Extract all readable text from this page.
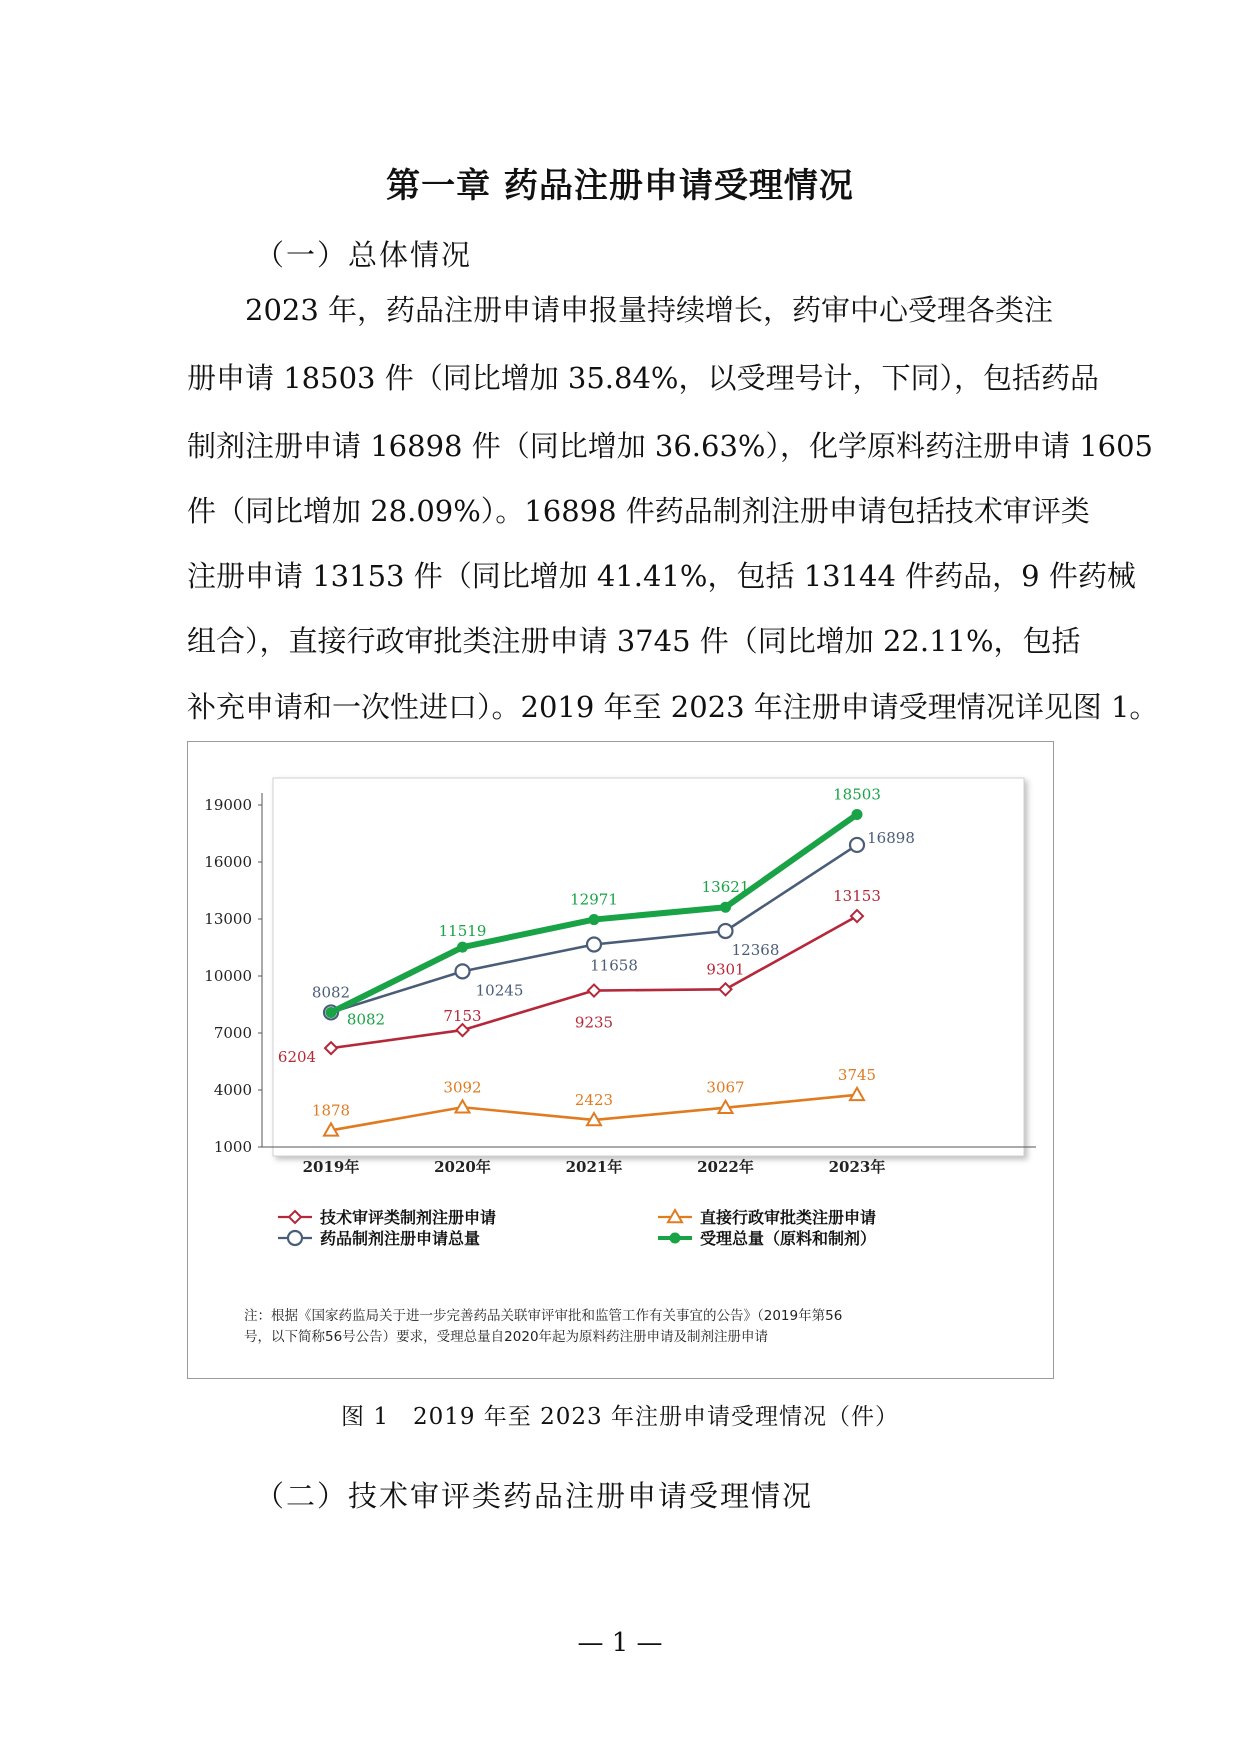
第一章 药品注册申请受理情况
（一）总体情况
2023 年，药品注册申请申报量持续增长，药审中心受理各类注
册申请 18503 件（同比增加 35.84%，以受理号计，下同），包括药品
制剂注册申请 16898 件（同比增加 36.63%），化学原料药注册申请 1605
件（同比增加 28.09%）。16898 件药品制剂注册申请包括技术审评类
注册申请 13153 件（同比增加 41.41%，包括 13144 件药品，9 件药械
组合），直接行政审批类注册申请 3745 件（同比增加 22.11%，包括
补充申请和一次性进口）。2019 年至 2023 年注册申请受理情况详见图 1。
1000
4000
7000
10000
13000
16000
19000
2019年	2020年	2021年	2022年	2023年
6204
7153	9235
9301
13153
1878
3092
2423
3067
3745
8082	10245
11658
12368
16898
8082
11519
12971
13621
18503
技术审评类制剂注册申请	直接行政审批类注册申请
药品制剂注册申请总量	受理总量（原料和制剂）
注：根据《国家药监局关于进一步完善药品关联审评审批和监管工作有关事宜的公告》（2019年第56
号，以下简称56号公告）要求，受理总量自2020年起为原料药注册申请及制剂注册申请
图 1　2019 年至 2023 年注册申请受理情况（件）
（二）技术审评类药品注册申请受理情况
— 1 —
